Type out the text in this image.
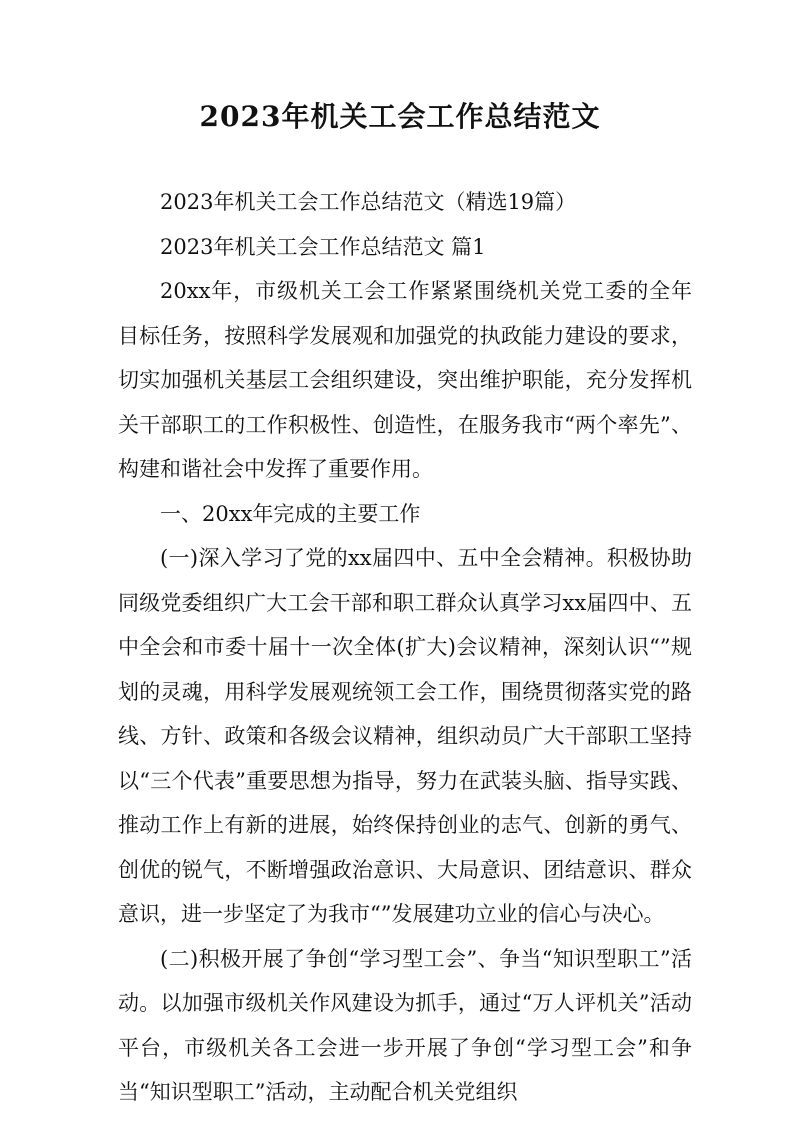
2023年机关工会工作总结范文

2023年机关工会工作总结范文（精选19篇）

2023年机关工会工作总结范文 篇1

20xx年，市级机关工会工作紧紧围绕机关党工委的全年目标任务，按照科学发展观和加强党的执政能力建设的要求，切实加强机关基层工会组织建设，突出维护职能，充分发挥机关干部职工的工作积极性、创造性，在服务我市“两个率先”、构建和谐社会中发挥了重要作用。

一、20xx年完成的主要工作

(一)深入学习了党的xx届四中、五中全会精神。积极协助同级党委组织广大工会干部和职工群众认真学习xx届四中、五中全会和市委十届十一次全体(扩大)会议精神，深刻认识“”规划的灵魂，用科学发展观统领工会工作，围绕贯彻落实党的路线、方针、政策和各级会议精神，组织动员广大干部职工坚持以“三个代表”重要思想为指导，努力在武装头脑、指导实践、推动工作上有新的进展，始终保持创业的志气、创新的勇气、创优的锐气，不断增强政治意识、大局意识、团结意识、群众意识，进一步坚定了为我市“”发展建功立业的信心与决心。

(二)积极开展了争创“学习型工会”、争当“知识型职工”活动。以加强市级机关作风建设为抓手，通过“万人评机关”活动平台，市级机关各工会进一步开展了争创“学习型工会”和争当“知识型职工”活动，主动配合机关党组织
